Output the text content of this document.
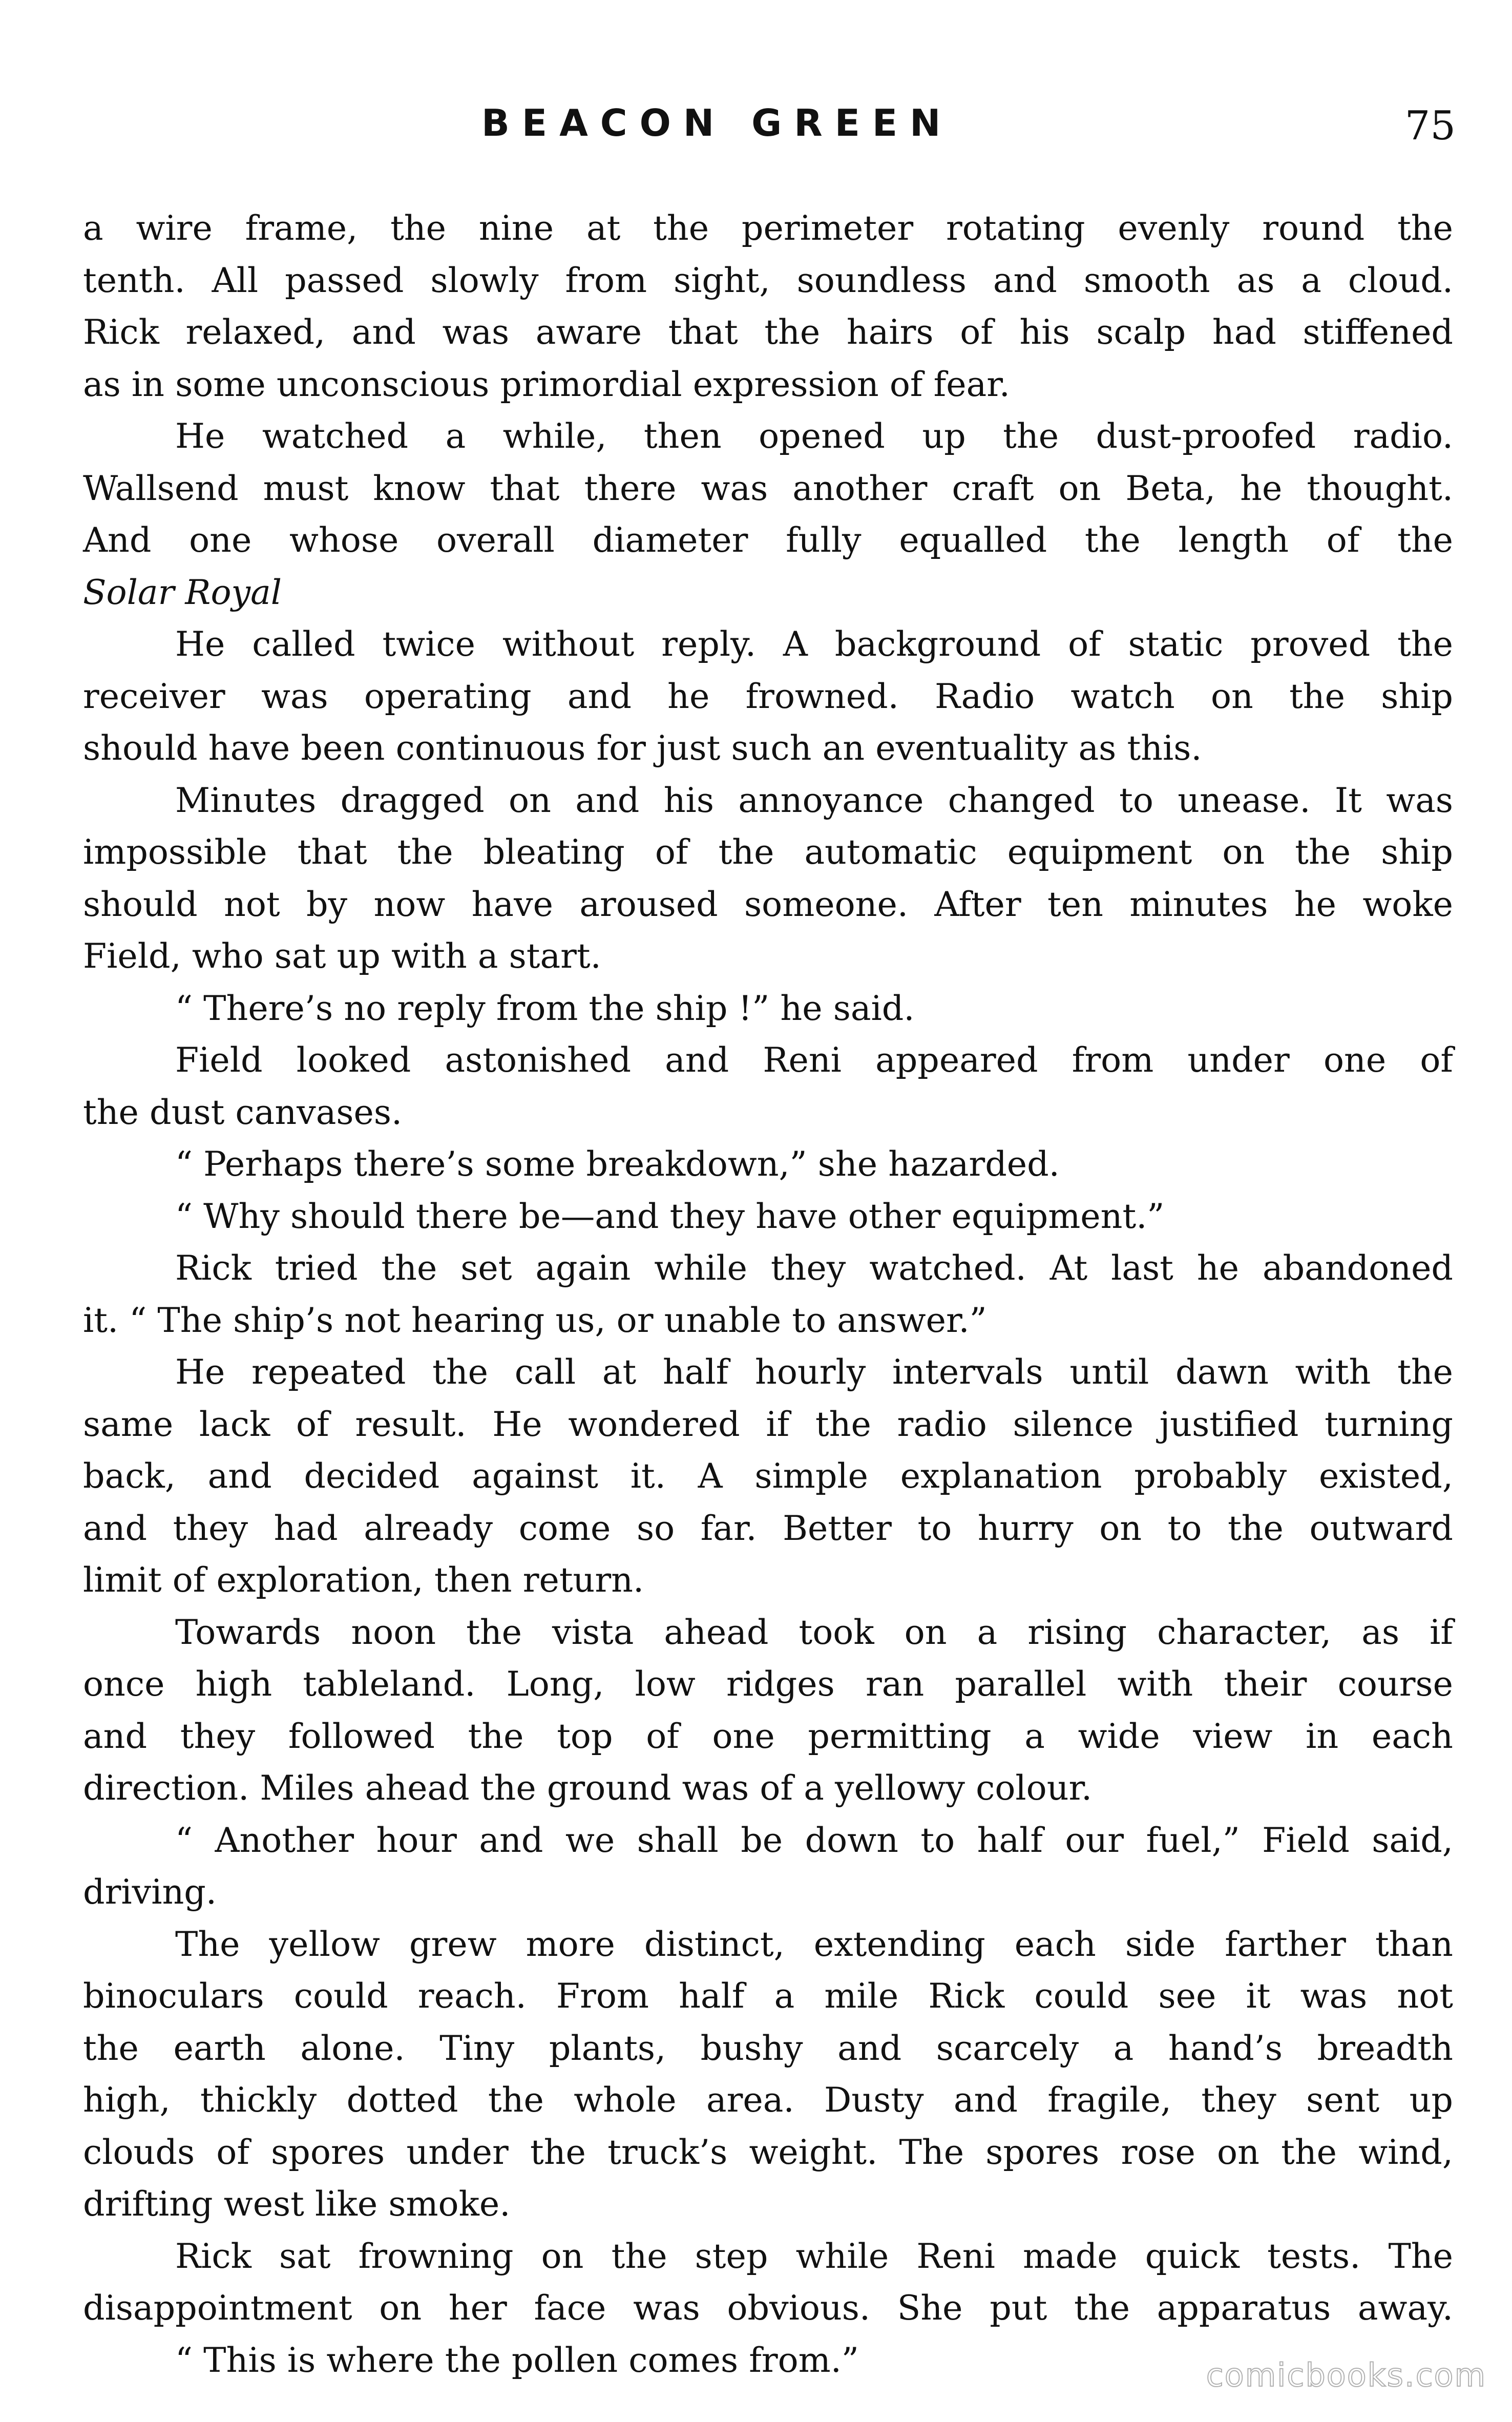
BEACON GREEN	75

a wire frame, the nine at the perimeter rotating evenly round the
tenth. All passed slowly from sight, soundless and smooth as a cloud.
Rick relaxed, and was aware that the hairs of his scalp had stiffened
as in some unconscious primordial expression of fear.

He watched a while, then opened up the dust-proofed radio.
Wallsend must know that there was another craft on Beta, he thought.
And one whose overall diameter fully equalled the length of the
Solar Royal

He called twice without reply. A background of static proved the
receiver was operating and he frowned. Radio watch on the ship
should have been continuous for just such an eventuality as this.

Minutes dragged on and his annoyance changed to unease. It was
impossible that the bleating of the automatic equipment on the ship
should not by now have aroused someone. After ten minutes he woke
Field, who sat up with a start.

“ There’s no reply from the ship !” he said.

Field looked astonished and Reni appeared from under one of
the dust canvases.

“ Perhaps there’s some breakdown,” she hazarded.

“ Why should there be—and they have other equipment.”

Rick tried the set again while they watched. At last he abandoned
it. “ The ship’s not hearing us, or unable to answer.”

He repeated the call at half hourly intervals until dawn with the
same lack of result. He wondered if the radio silence justified turning
back, and decided against it. A simple explanation probably existed,
and they had already come so far. Better to hurry on to the outward
limit of exploration, then return.

Towards noon the vista ahead took on a rising character, as if
once high tableland. Long, low ridges ran parallel with their course
and they followed the top of one permitting a wide view in each
direction. Miles ahead the ground was of a yellowy colour.

“ Another hour and we shall be down to half our fuel,” Field said,
driving.

The yellow grew more distinct, extending each side farther than
binoculars could reach. From half a mile Rick could see it was not
the earth alone. Tiny plants, bushy and scarcely a hand’s breadth
high, thickly dotted the whole area. Dusty and fragile, they sent up
clouds of spores under the truck’s weight. The spores rose on the wind,
drifting west like smoke.

Rick sat frowning on the step while Reni made quick tests. The
disappointment on her face was obvious. She put the apparatus away.

“ This is where the pollen comes from.”	comicbooks.com
